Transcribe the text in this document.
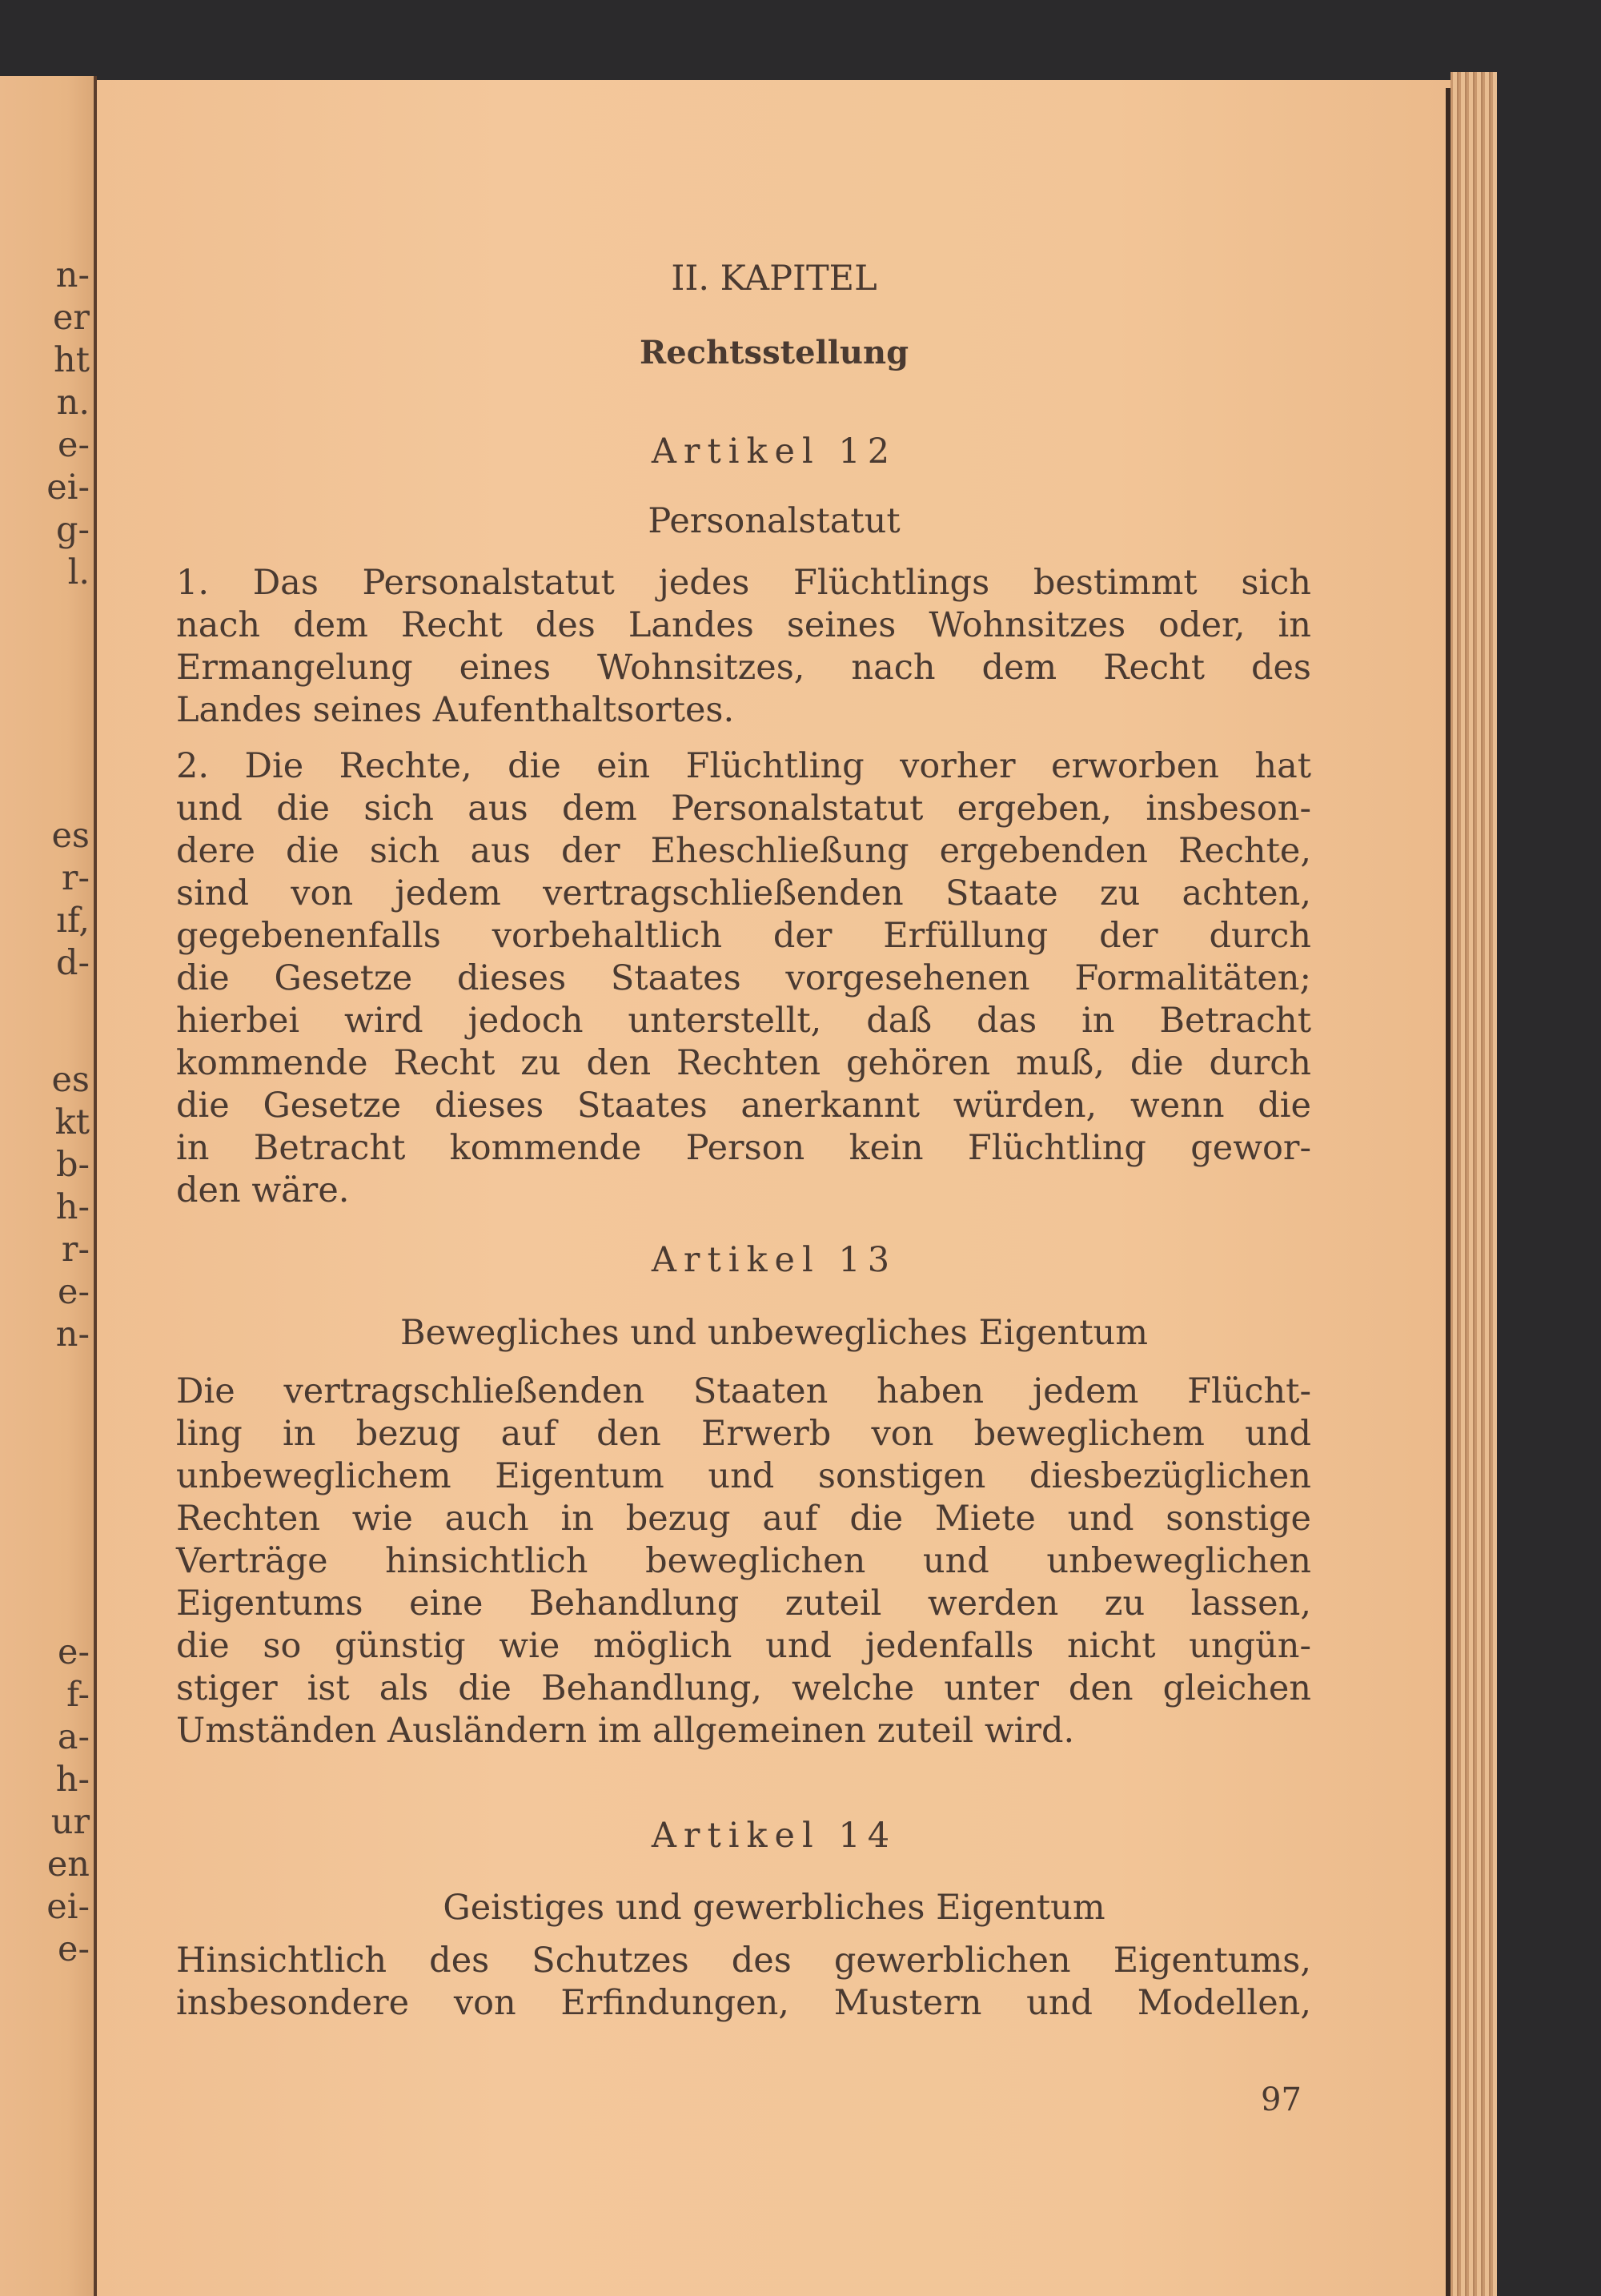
II. KAPITEL
Rechtsstellung
97
n-
er
ht
n.
e-
ei-
g-
l.
es
r-
ıf,
d-
es
kt
b-
h-
r-
e-
n-
e-
f-
a-
h-
ur
en
ei-
e-
Artikel 12
Personalstatut
1. Das Personalstatut jedes Flüchtlings bestimmt sich
nach dem Recht des Landes seines Wohnsitzes oder, in
Ermangelung eines Wohnsitzes, nach dem Recht des
Landes seines Aufenthaltsortes.
2. Die Rechte, die ein Flüchtling vorher erworben hat
und die sich aus dem Personalstatut ergeben, insbeson-
dere die sich aus der Eheschließung ergebenden Rechte,
sind von jedem vertragschließenden Staate zu achten,
gegebenenfalls vorbehaltlich der Erfüllung der durch
die Gesetze dieses Staates vorgesehenen Formalitäten;
hierbei wird jedoch unterstellt, daß das in Betracht
kommende Recht zu den Rechten gehören muß, die durch
die Gesetze dieses Staates anerkannt würden, wenn die
in Betracht kommende Person kein Flüchtling gewor-
den wäre.
Artikel 13
Bewegliches und unbewegliches Eigentum
Die vertragschließenden Staaten haben jedem Flücht-
ling in bezug auf den Erwerb von beweglichem und
unbeweglichem Eigentum und sonstigen diesbezüglichen
Rechten wie auch in bezug auf die Miete und sonstige
Verträge hinsichtlich beweglichen und unbeweglichen
Eigentums eine Behandlung zuteil werden zu lassen,
die so günstig wie möglich und jedenfalls nicht ungün-
stiger ist als die Behandlung, welche unter den gleichen
Umständen Ausländern im allgemeinen zuteil wird.
Artikel 14
Geistiges und gewerbliches Eigentum
Hinsichtlich des Schutzes des gewerblichen Eigentums,
insbesondere von Erfindungen, Mustern und Modellen,
